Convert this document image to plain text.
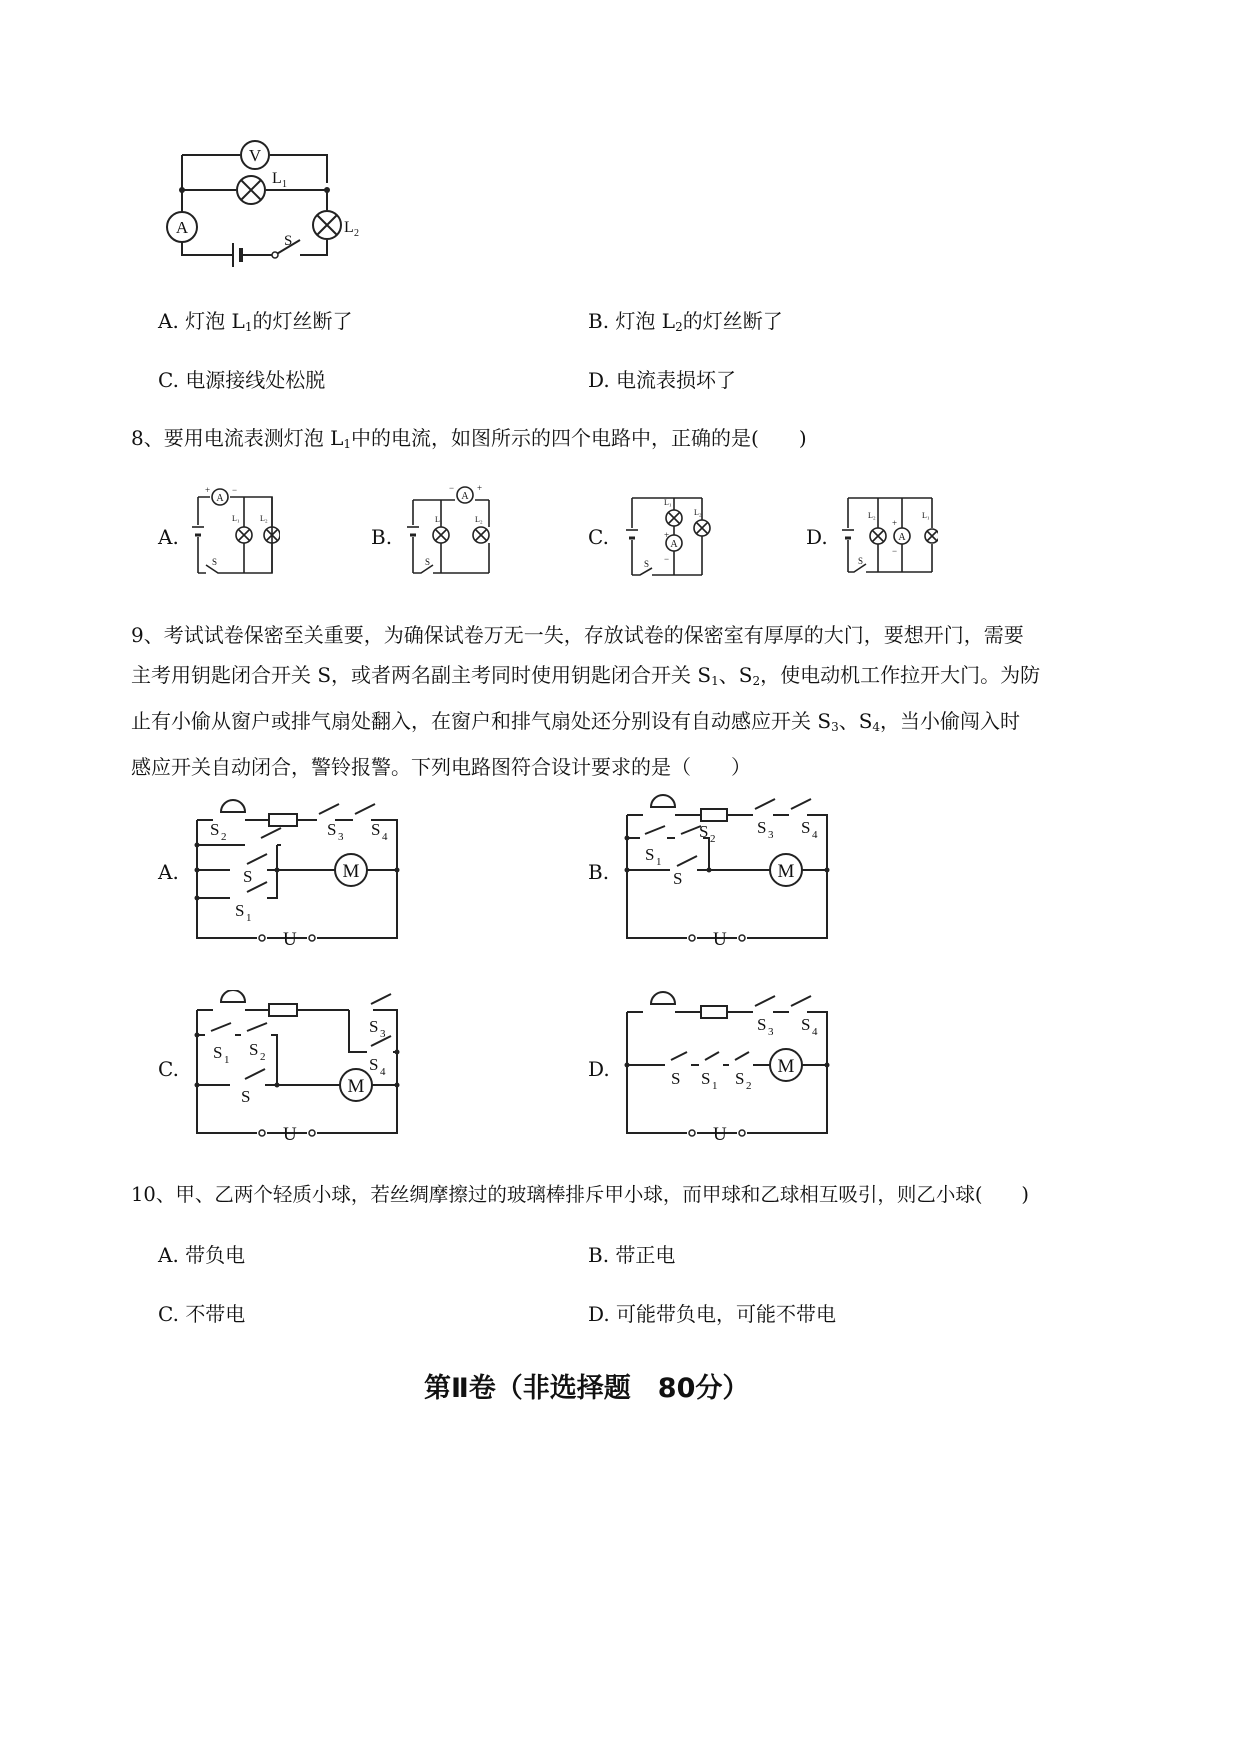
V
L 1
L 2
A
S
A. 灯泡 $L_1$的灯丝断了	B. 灯泡 $L_2$的灯丝断了
C. 电源接线处松脱	D. 电流表损坏了
8、要用电流表测灯泡 $L_1$中的电流，如图所示的四个电路中，正确的是(　　)
A.	B.	C.	D.
A
+ −
L₁	L₂
S
A
−	+
L₁	L₂
S
L₁
A
+
−
L₂
S
L₂
A
+
−
L₁
S
9、考试试卷保密至关重要，为确保试卷万无一失，存放试卷的保密室有厚厚的大门，要想开门，需要
主考用钥匙闭合开关 S，或者两名副主考同时使用钥匙闭合开关 $S_1$、$S_2$，使电动机工作拉开大门。为防
止有小偷从窗户或排气扇处翻入，在窗户和排气扇处还分别设有自动感应开关 $S_3$、$S_4$，当小偷闯入时
感应开关自动闭合，警铃报警。下列电路图符合设计要求的是（　　）
A.	B.
C.	D.
M
U
S 2
S
S 1
S 3 S 4
M
U
S 2
S 1
S
S 3 S 4
M
U
S 1
S 2
S
S 3
S 4	M
U
S S 1 S 2
S 3 S 4
10、甲、乙两个轻质小球，若丝绸摩擦过的玻璃棒排斥甲小球，而甲球和乙球相互吸引，则乙小球(　　)
A. 带负电	B. 带正电
C. 不带电	D. 可能带负电，可能不带电
第Ⅱ卷（非选择题　80分）
